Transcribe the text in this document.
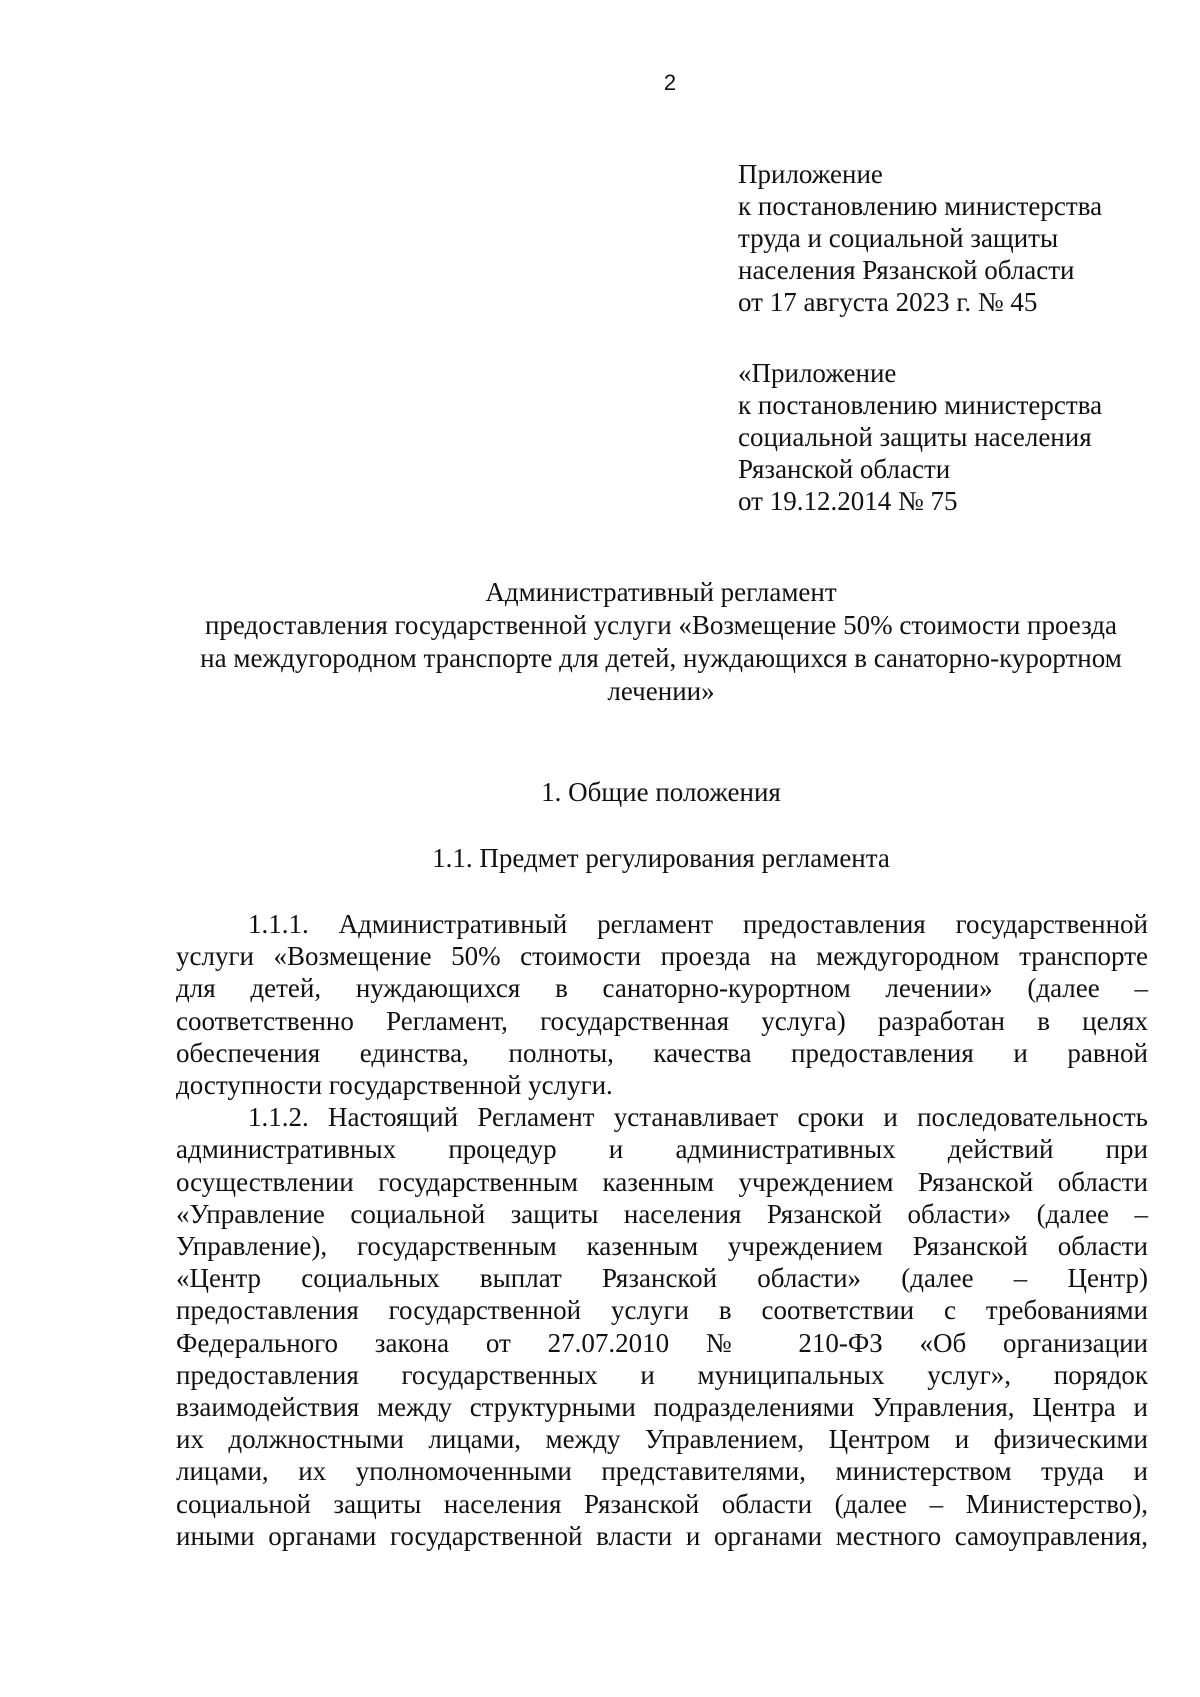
2
Приложение
к постановлению министерства
труда и социальной защиты
населения Рязанской области
от 17 августа 2023 г. № 45
«Приложение
к постановлению министерства
социальной защиты населения
Рязанской области
от 19.12.2014 № 75
Административный регламент
предоставления государственной услуги «Возмещение 50% стоимости проезда
на междугородном транспорте для детей, нуждающихся в санаторно-курортном
лечении»
1. Общие положения
1.1. Предмет регулирования регламента
1.1.1. Административный регламент предоставления государственной
услуги «Возмещение 50% стоимости проезда на междугородном транспорте
для детей, нуждающихся в санаторно-курортном лечении» (далее –
соответственно Регламент, государственная услуга) разработан в целях
обеспечения единства, полноты, качества предоставления и равной
доступности государственной услуги.
1.1.2. Настоящий Регламент устанавливает сроки и последовательность
административных процедур и административных действий при
осуществлении государственным казенным учреждением Рязанской области
«Управление социальной защиты населения Рязанской области» (далее –
Управление), государственным казенным учреждением Рязанской области
«Центр социальных выплат Рязанской области» (далее – Центр)
предоставления государственной услуги в соответствии с требованиями
Федерального закона от 27.07.2010 № 210-ФЗ «Об организации
предоставления государственных и муниципальных услуг», порядок
взаимодействия между структурными подразделениями Управления, Центра и
их должностными лицами, между Управлением, Центром и физическими
лицами, их уполномоченными представителями, министерством труда и
социальной защиты населения Рязанской области (далее – Министерство),
иными органами государственной власти и органами местного самоуправления,
